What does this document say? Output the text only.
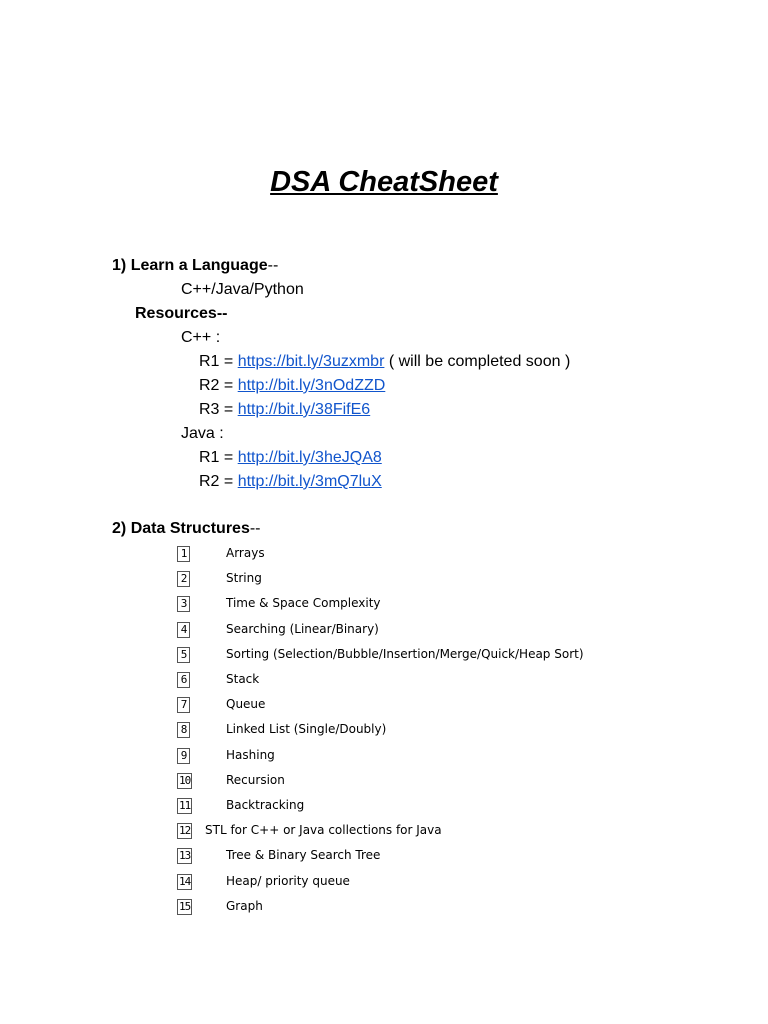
DSA CheatSheet
1) Learn a Language--
C++/Java/Python
Resources--
C++ :
R1 = https://bit.ly/3uzxmbr ( will be completed soon )
R2 = http://bit.ly/3nOdZZD
R3 = http://bit.ly/38FifE6
Java :
R1 = http://bit.ly/3heJQA8
R2 = http://bit.ly/3mQ7luX
2) Data Structures--
1	Arrays
2	String
3	Time & Space Complexity
4	Searching (Linear/Binary)
5	Sorting (Selection/Bubble/Insertion/Merge/Quick/Heap Sort)
6	Stack
7	Queue
8	Linked List (Single/Doubly)
9	Hashing
10	Recursion
11	Backtracking
12 STL for C++ or Java collections for Java
13	Tree & Binary Search Tree
14	Heap/ priority queue
15	Graph
